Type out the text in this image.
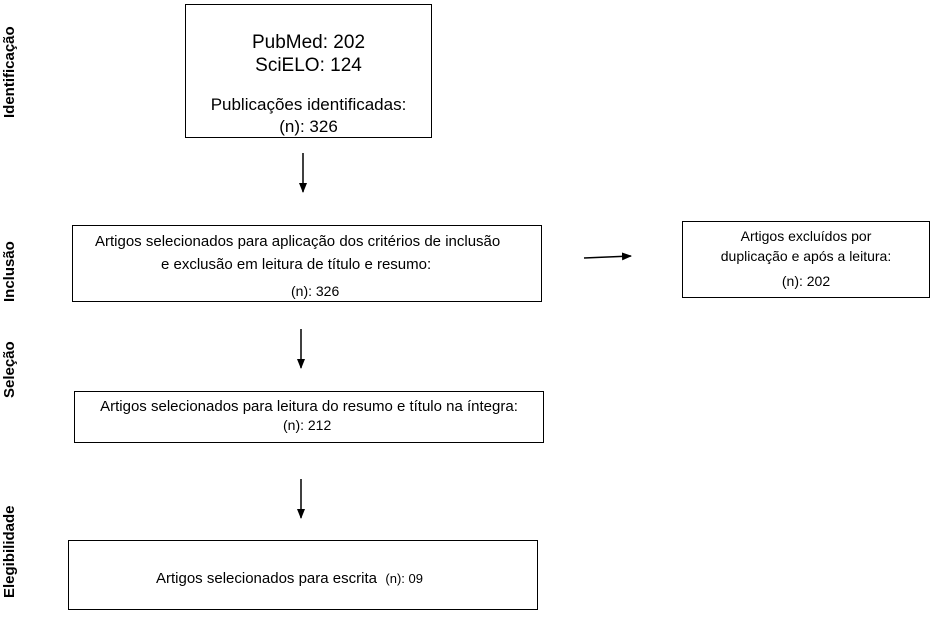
Identificação
Inclusão
Seleção
Elegibilidade
PubMed: 202
SciELO: 124
Publicações identificadas:
(n): 326
Artigos selecionados para aplicação dos critérios de inclusão
e exclusão em leitura de título e resumo:
(n): 326
Artigos excluídos por
duplicação e após a leitura:
(n): 202
Artigos selecionados para leitura do resumo e título na íntegra:
(n): 212
Artigos selecionados para escrita (n): 09
